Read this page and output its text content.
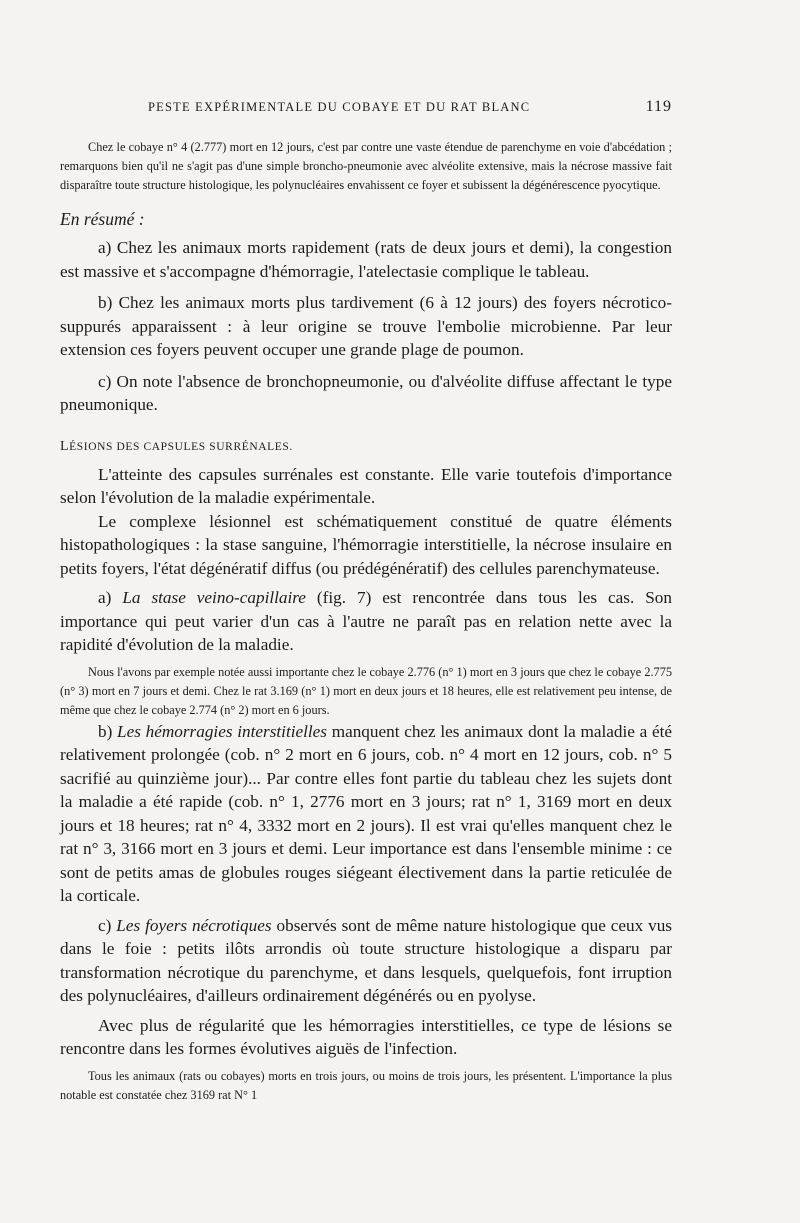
PESTE EXPÉRIMENTALE DU COBAYE ET DU RAT BLANC	119

Chez le cobaye n° 4 (2.777) mort en 12 jours, c'est par contre une vaste étendue de parenchyme en voie d'abcédation ; remarquons bien qu'il ne s'agit pas d'une simple broncho-pneumonie avec alvéolite extensive, mais la nécrose massive fait disparaître toute structure histologique, les polynucléaires envahissent ce foyer et subissent la dégénérescence pyocytique.

En résumé :

a) Chez les animaux morts rapidement (rats de deux jours et demi), la congestion est massive et s'accompagne d'hémorragie, l'atelectasie complique le tableau.

b) Chez les animaux morts plus tardivement (6 à 12 jours) des foyers nécrotico-suppurés apparaissent : à leur origine se trouve l'embolie microbienne. Par leur extension ces foyers peuvent occuper une grande plage de poumon.

c) On note l'absence de bronchopneumonie, ou d'alvéolite diffuse affectant le type pneumonique.

LÉSIONS DES CAPSULES SURRÉNALES.

L'atteinte des capsules surrénales est constante. Elle varie toutefois d'importance selon l'évolution de la maladie expérimentale.

Le complexe lésionnel est schématiquement constitué de quatre éléments histopathologiques : la stase sanguine, l'hémorragie interstitielle, la nécrose insulaire en petits foyers, l'état dégénératif diffus (ou prédégénératif) des cellules parenchymateuse.

a) La stase veino-capillaire (fig. 7) est rencontrée dans tous les cas. Son importance qui peut varier d'un cas à l'autre ne paraît pas en relation nette avec la rapidité d'évolution de la maladie.

Nous l'avons par exemple notée aussi importante chez le cobaye 2.776 (n° 1) mort en 3 jours que chez le cobaye 2.775 (n° 3) mort en 7 jours et demi. Chez le rat 3.169 (n° 1) mort en deux jours et 18 heures, elle est relativement peu intense, de même que chez le cobaye 2.774 (n° 2) mort en 6 jours.

b) Les hémorragies interstitielles manquent chez les animaux dont la maladie a été relativement prolongée (cob. n° 2 mort en 6 jours, cob. n° 4 mort en 12 jours, cob. n° 5 sacrifié au quinzième jour)... Par contre elles font partie du tableau chez les sujets dont la maladie a été rapide (cob. n° 1, 2776 mort en 3 jours; rat n° 1, 3169 mort en deux jours et 18 heures; rat n° 4, 3332 mort en 2 jours). Il est vrai qu'elles manquent chez le rat n° 3, 3166 mort en 3 jours et demi. Leur importance est dans l'ensemble minime : ce sont de petits amas de globules rouges siégeant électivement dans la partie reticulée de la corticale.

c) Les foyers nécrotiques observés sont de même nature histologique que ceux vus dans le foie : petits ilôts arrondis où toute structure histologique a disparu par transformation nécrotique du parenchyme, et dans lesquels, quelquefois, font irruption des polynucléaires, d'ailleurs ordinairement dégénérés ou en pyolyse.

Avec plus de régularité que les hémorragies interstitielles, ce type de lésions se rencontre dans les formes évolutives aiguës de l'infection.

Tous les animaux (rats ou cobayes) morts en trois jours, ou moins de trois jours, les présentent. L'importance la plus notable est constatée chez 3169 rat N° 1
